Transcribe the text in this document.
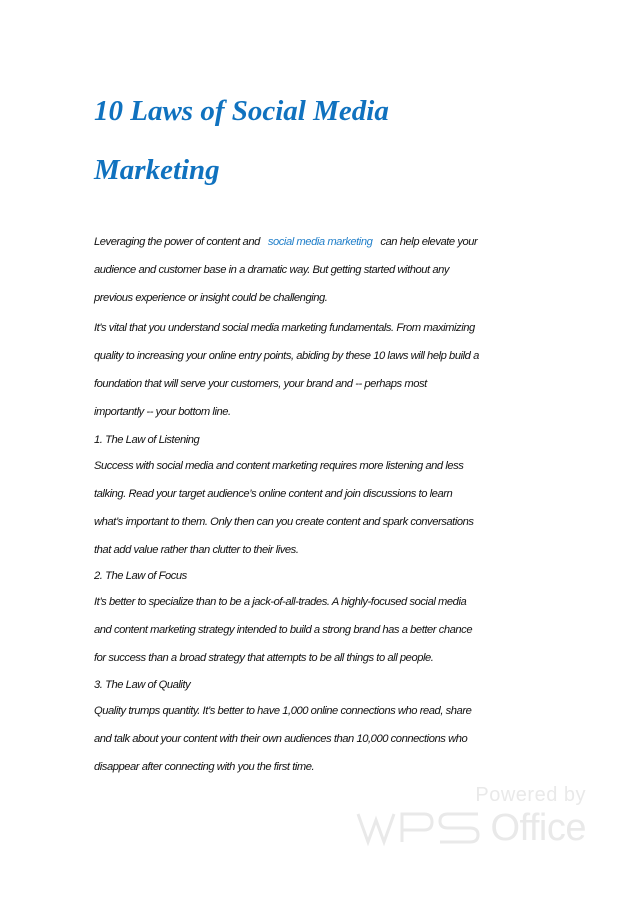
10 Laws of Social Media
Marketing
Leveraging the power of content and social media marketing can help elevate your
audience and customer base in a dramatic way. But getting started without any
previous experience or insight could be challenging.
It's vital that you understand social media marketing fundamentals. From maximizing
quality to increasing your online entry points, abiding by these 10 laws will help build a
foundation that will serve your customers, your brand and -- perhaps most
importantly -- your bottom line.
1. The Law of Listening
Success with social media and content marketing requires more listening and less
talking. Read your target audience’s online content and join discussions to learn
what’s important to them. Only then can you create content and spark conversations
that add value rather than clutter to their lives.
2. The Law of Focus
It’s better to specialize than to be a jack-of-all-trades. A highly-focused social media
and content marketing strategy intended to build a strong brand has a better chance
for success than a broad strategy that attempts to be all things to all people.
3. The Law of Quality
Quality trumps quantity. It’s better to have 1,000 online connections who read, share
and talk about your content with their own audiences than 10,000 connections who
disappear after connecting with you the first time.
Powered by
Office
